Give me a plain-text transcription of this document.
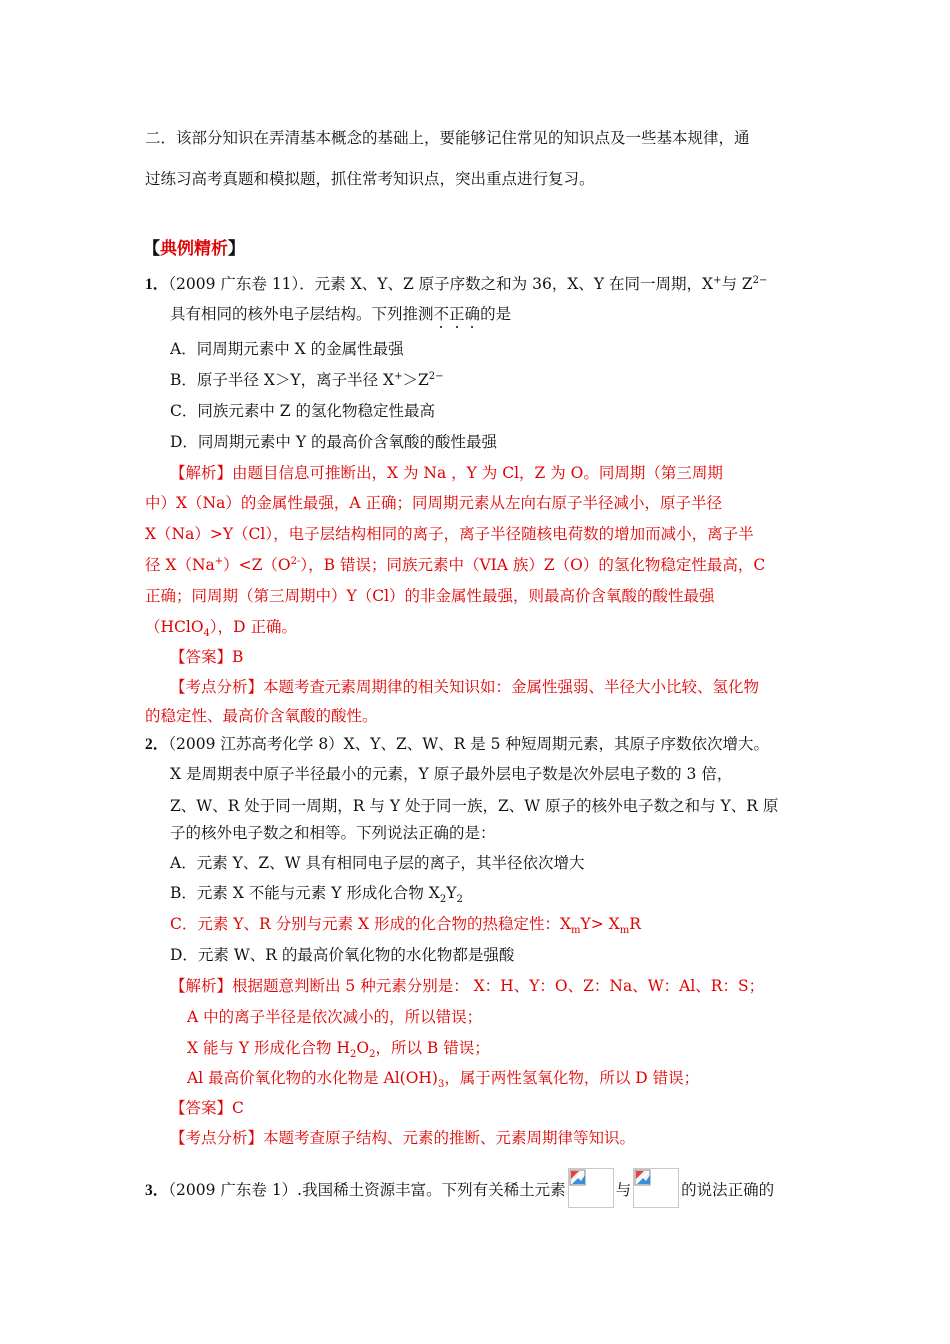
二．该部分知识在弄清基本概念的基础上，要能够记住常见的知识点及一些基本规律，通
过练习高考真题和模拟题，抓住常考知识点，突出重点进行复习。
【典例精析】
1．（2009 广东卷 11）．元素 X、Y、Z 原子序数之和为 36，X、Y 在同一周期，X+与 $Z^{2-}$
具有相同的核外电子层结构。下列推测不正确的是
A．同周期元素中 X 的金属性最强
B．原子半径 X＞Y，离子半径 $X^+>Z^{2-}$
C．同族元素中 Z 的氢化物稳定性最高
D．同周期元素中 Y 的最高价含氧酸的酸性最强
【解析】由题目信息可推断出，X 为 Na ，Y 为 Cl，Z 为 O。同周期（第三周期
中）X（Na）的金属性最强，A 正确；同周期元素从左向右原子半径减小，原子半径
X（Na）>Y（Cl），电子层结构相同的离子，离子半径随核电荷数的增加而减小，离子半
径 $X(Na^+)<Z(O^{2-})$，B 错误；同族元素中（VIA 族）Z（O）的氢化物稳定性最高，C
正确；同周期（第三周期中）Y（Cl）的非金属性最强，则最高价含氧酸的酸性最强
（HClO$_4$），D 正确。
【答案】B
【考点分析】本题考查元素周期律的相关知识如：金属性强弱、半径大小比较、氢化物
的稳定性、最高价含氧酸的酸性。
2．（2009 江苏高考化学 8）X、Y、Z、W、R 是 5 种短周期元素，其原子序数依次增大。
X 是周期表中原子半径最小的元素，Y 原子最外层电子数是次外层电子数的 3 倍，
Z、W、R 处于同一周期，R 与 Y 处于同一族，Z、W 原子的核外电子数之和与 Y、R 原
子的核外电子数之和相等。下列说法正确的是：
A．元素 Y、Z、W 具有相同电子层的离子，其半径依次增大
B．元素 X 不能与元素 Y 形成化合物 $X_2Y_2$
C．元素 Y、R 分别与元素 X 形成的化合物的热稳定性：$X_mY> X_mR$
D．元素 W、R 的最高价氧化物的水化物都是强酸
【解析】根据题意判断出 5 种元素分别是： X：H、Y：O、Z：Na、W：Al、R：S；
A 中的离子半径是依次减小的，所以错误；
X 能与 Y 形成化合物 $H_2O_2$，所以 B 错误；
Al 最高价氧化物的水化物是 $Al(OH)_3$，属于两性氢氧化物，所以 D 错误；
【答案】C
【考点分析】本题考查原子结构、元素的推断、元素周期律等知识。
3．（2009 广东卷 1）.我国稀土资源丰富。下列有关稀土元素	与	的说法正确的
